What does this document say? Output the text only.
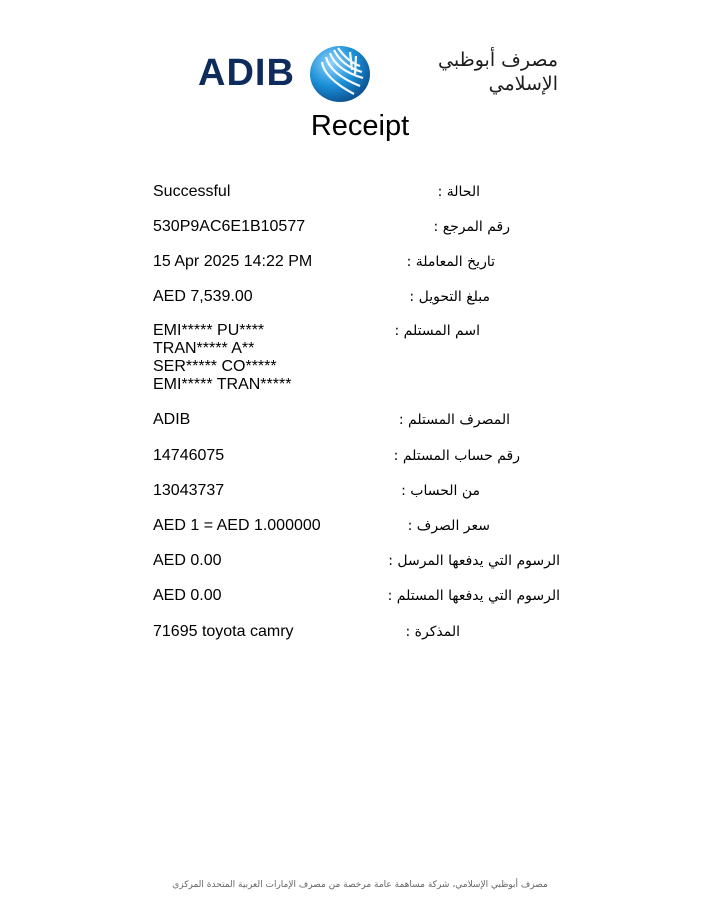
ADIB	مصرف أبوظبي
الإسلامي
Receipt
Successful	الحالة :
530P9AC6E1B10577	رقم المرجع :
15 Apr 2025 14:22 PM	تاريخ المعاملة :
AED 7,539.00	مبلغ التحويل :
EMI***** PU****
TRAN***** A**
SER***** CO*****
EMI***** TRAN*****
اسم المستلم :
ADIB	المصرف المستلم :
14746075	رقم حساب المستلم :
13043737	من الحساب :
AED 1 = AED 1.000000	سعر الصرف :
AED 0.00	الرسوم التي يدفعها المرسل :
AED 0.00	الرسوم التي يدفعها المستلم :
71695 toyota camry	المذكرة :
مصرف أبوظبي الإسلامي، شركة مساهمة عامة مرخصة من مصرف الإمارات العربية المتحدة المركزي
